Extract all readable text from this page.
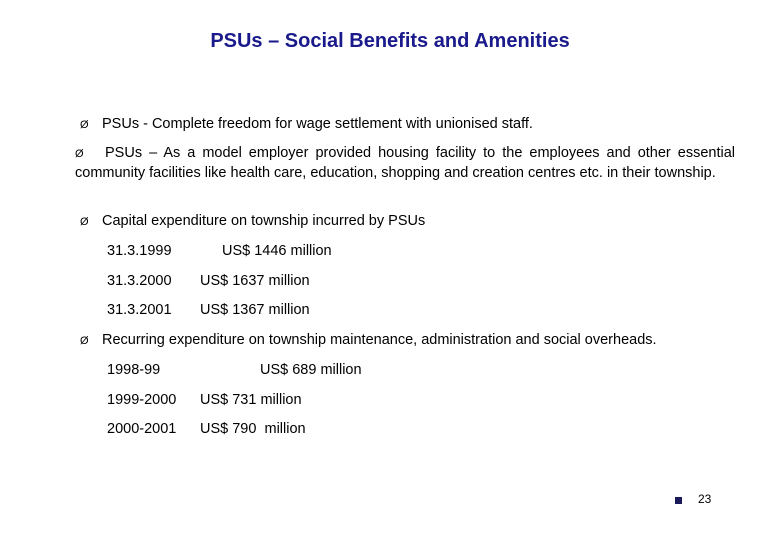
PSUs – Social Benefits and Amenities
Ø PSUs - Complete freedom for wage settlement with unionised staff.
Ø PSUs – As a model employer provided housing facility to the employees and other essential community facilities like health care, education, shopping and creation centres etc. in their township.
Ø Capital expenditure on township incurred by PSUs
31.3.1999	US$ 1446 million
31.3.2000 US$ 1637 million
31.3.2001 US$ 1367 million
Ø Recurring expenditure on township maintenance, administration and social overheads.
1998-99	US$ 689 million
1999-2000 US$ 731 million
2000-2001 US$ 790  million
23
